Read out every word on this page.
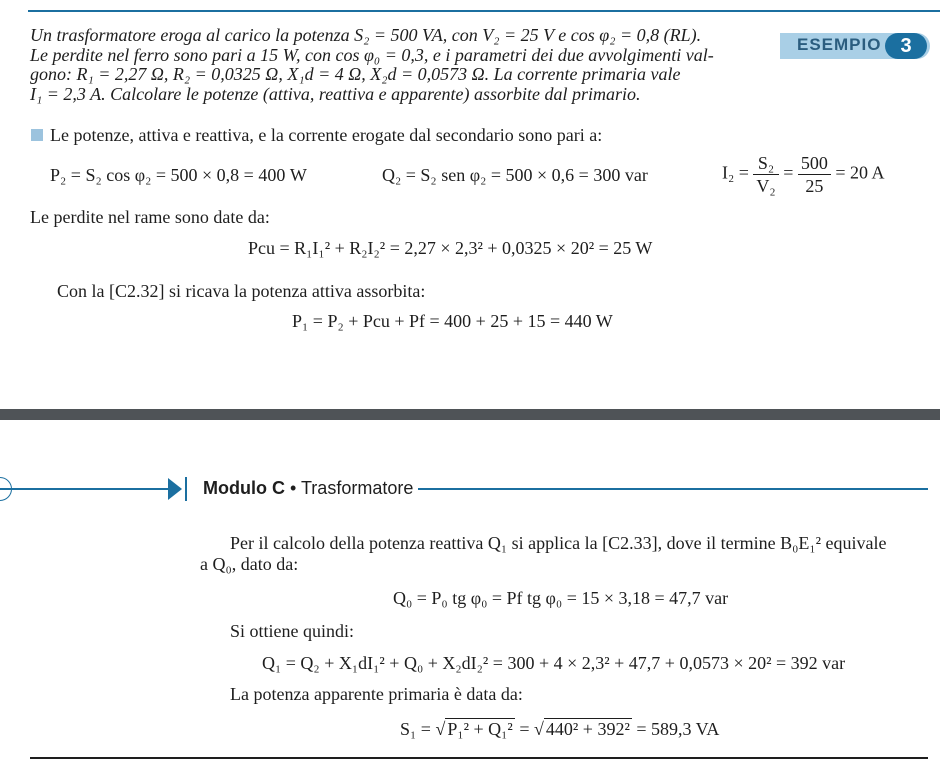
Un trasformatore eroga al carico la potenza S₂ = 500 VA, con V₂ = 25 V e cos φ₂ = 0,8 (RL).
Le perdite nel ferro sono pari a 15 W, con cos φ₀ = 0,3, e i parametri dei due avvolgimenti val-
gono: R₁ = 2,27 Ω, R₂ = 0,0325 Ω, X₁d = 4 Ω, X₂d = 0,0573 Ω. La corrente primaria vale
I₁ = 2,3 A. Calcolare le potenze (attiva, reattiva e apparente) assorbite dal primario.
ESEMPIO 3
Le potenze, attiva e reattiva, e la corrente erogate dal secondario sono pari a:
P₂ = S₂ cos φ₂ = 500 × 0,8 = 400 W	Q₂ = S₂ sen φ₂ = 500 × 0,6 = 300 var	$I_2 = \frac{\text{S₂}}{\text{V₂}} = \frac{500}{25} = 20$ A
Le perdite nel rame sono date da:
Pcu = R₁I₁² + R₂I₂² = 2,27 × 2,3² + 0,0325 × 20² = 25 W
Con la [C2.32] si ricava la potenza attiva assorbita:
P₁ = P₂ + Pcu + Pf = 400 + 25 + 15 = 440 W
Modulo C • Trasformatore
Per il calcolo della potenza reattiva Q₁ si applica la [C2.33], dove il termine B₀E₁² equivale
a Q₀, dato da:
Q₀ = P₀ tg φ₀ = Pf tg φ₀ = 15 × 3,18 = 47,7 var
Si ottiene quindi:
Q₁ = Q₂ + X₁dI₁² + Q₀ + X₂dI₂² = 300 + 4 × 2,3² + 47,7 + 0,0573 × 20² = 392 var
La potenza apparente primaria è data da:
S₁ = √ P₁² + Q₁² = √ 440² + 392² = 589,3 VA
